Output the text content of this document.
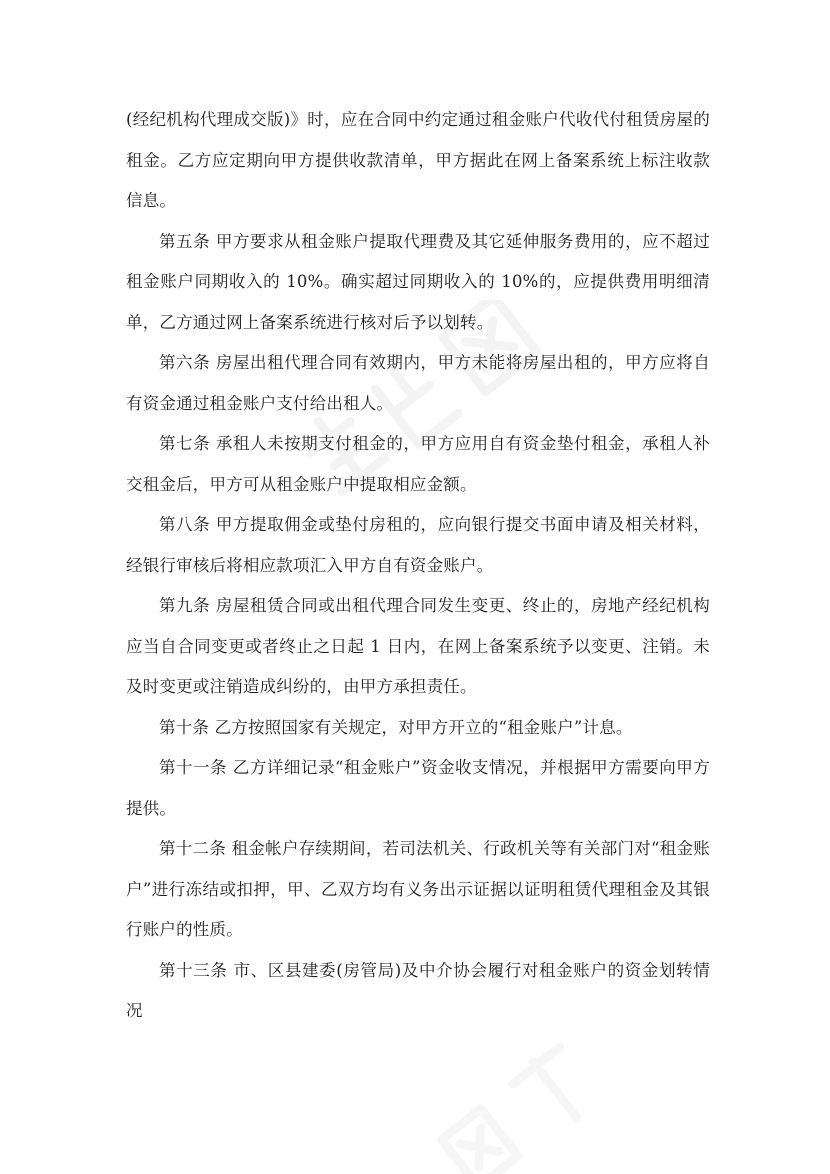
(经纪机构代理成交版)》时，应在合同中约定通过租金账户代收代付租赁房屋的租金。乙方应定期向甲方提供收款清单，甲方据此在网上备案系统上标注收款信息。

第五条 甲方要求从租金账户提取代理费及其它延伸服务费用的，应不超过租金账户同期收入的 10%。确实超过同期收入的 10%的，应提供费用明细清单，乙方通过网上备案系统进行核对后予以划转。

第六条 房屋出租代理合同有效期内，甲方未能将房屋出租的，甲方应将自有资金通过租金账户支付给出租人。

第七条 承租人未按期支付租金的，甲方应用自有资金垫付租金，承租人补交租金后，甲方可从租金账户中提取相应金额。

第八条 甲方提取佣金或垫付房租的，应向银行提交书面申请及相关材料，经银行审核后将相应款项汇入甲方自有资金账户。

第九条 房屋租赁合同或出租代理合同发生变更、终止的，房地产经纪机构应当自合同变更或者终止之日起 1 日内，在网上备案系统予以变更、注销。未及时变更或注销造成纠纷的，由甲方承担责任。

第十条 乙方按照国家有关规定，对甲方开立的“租金账户”计息。

第十一条 乙方详细记录“租金账户”资金收支情况，并根据甲方需要向甲方提供。

第十二条 租金帐户存续期间，若司法机关、行政机关等有关部门对“租金账户”进行冻结或扣押，甲、乙双方均有义务出示证据以证明租赁代理租金及其银行账户的性质。

第十三条 市、区县建委(房管局)及中介协会履行对租金账户的资金划转情况
